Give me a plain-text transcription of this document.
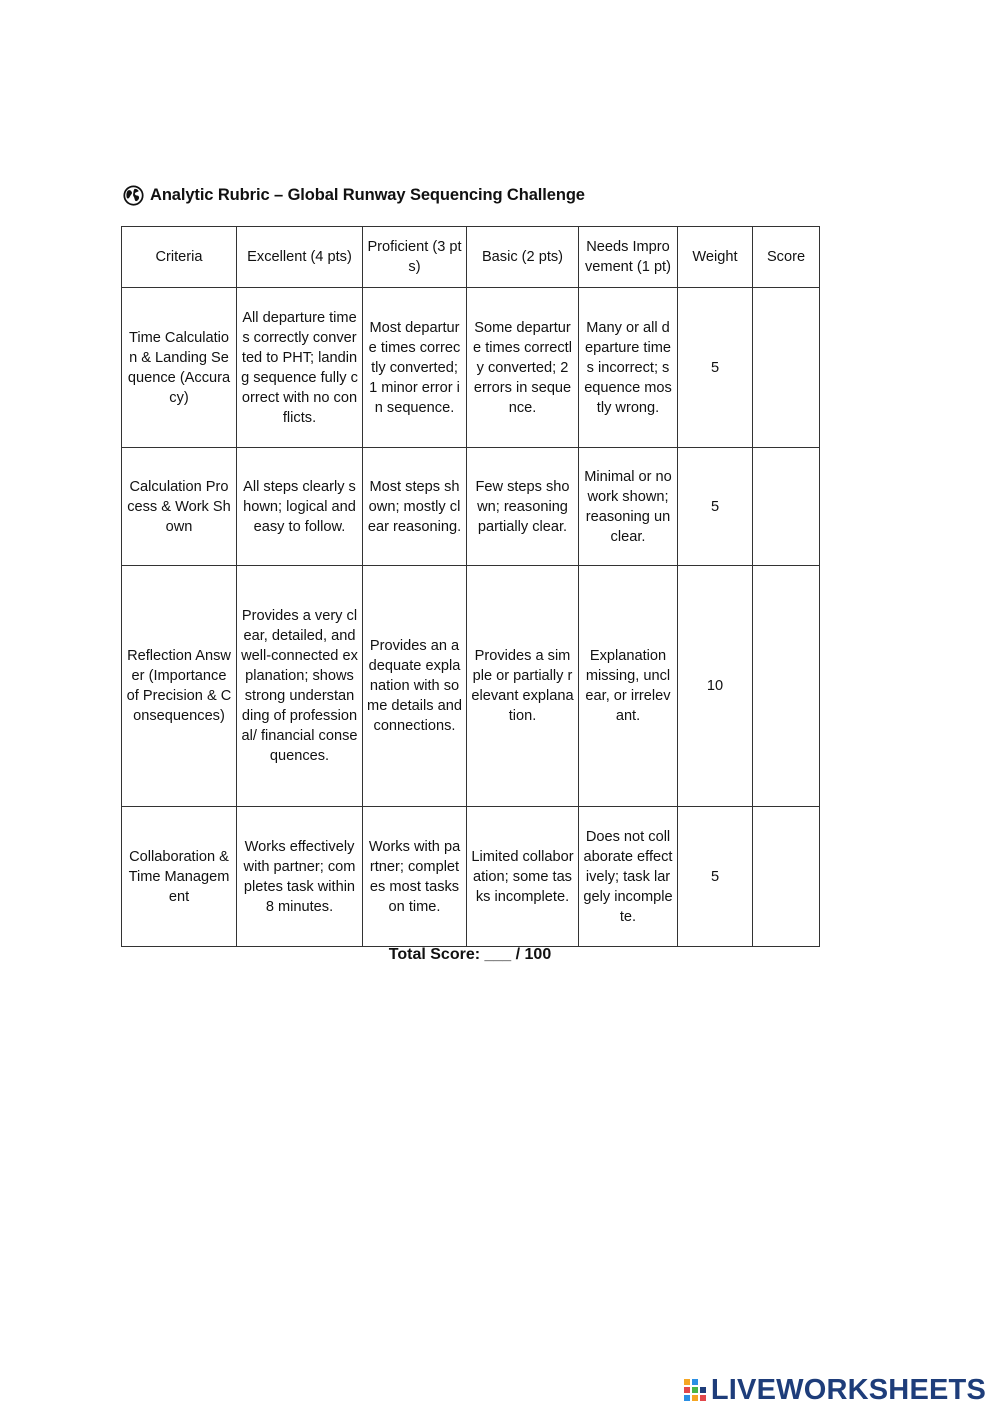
Analytic Rubric – Global Runway Sequencing Challenge
Criteria	Excellent (4 pts)	Proficient (3 pts)	Basic (2 pts)	Needs Improvement (1 pt)	Weight	Score
Time Calculation & Landing Sequence (Accuracy)	All departure times correctly converted to PHT; landing sequence fully correct with no conflicts.	Most departure times correctly converted; 1 minor error in sequence.	Some departure times correctly converted; 2 errors in sequence.	Many or all departure times incorrect; sequence mostly wrong.	5	
Calculation Process & Work Shown	All steps clearly shown; logical and easy to follow.	Most steps shown; mostly clear reasoning.	Few steps shown; reasoning partially clear.	Minimal or no work shown; reasoning unclear.	5	
Reflection Answer (Importance of Precision & Consequences)	Provides a very clear, detailed, and well-connected explanation; shows strong understanding of professional/ financial consequences.	Provides an adequate explanation with some details and connections.	Provides a simple or partially relevant explanation.	Explanation missing, unclear, or irrelevant.	10	
Collaboration & Time Management	Works effectively with partner; completes task within 8 minutes.	Works with partner; completes most tasks on time.	Limited collaboration; some tasks incomplete.	Does not collaborate effectively; task largely incomplete.	5	
Total Score: ___ / 100
LIVEWORKSHEETS
